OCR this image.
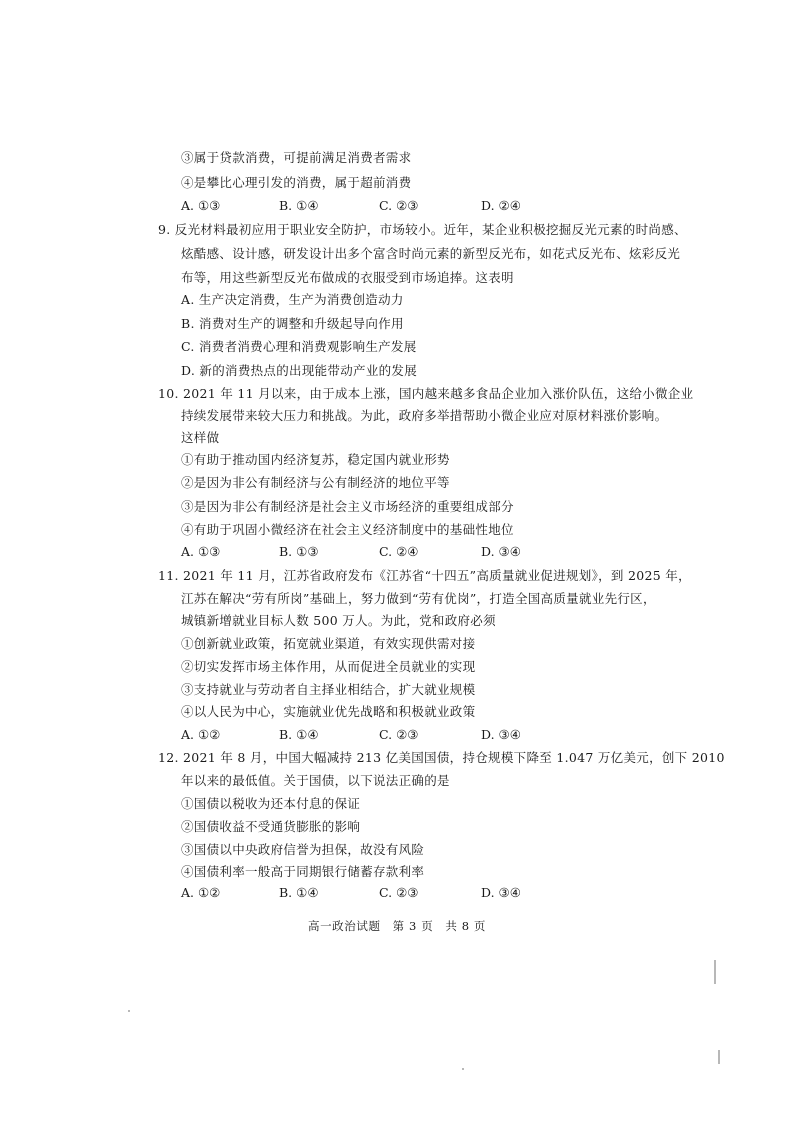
③属于贷款消费，可提前满足消费者需求
④是攀比心理引发的消费，属于超前消费
A. ①③	B. ①④	C. ②③	D. ②④
9. 反光材料最初应用于职业安全防护，市场较小。近年，某企业积极挖掘反光元素的时尚感、
炫酷感、设计感，研发设计出多个富含时尚元素的新型反光布，如花式反光布、炫彩反光
布等，用这些新型反光布做成的衣服受到市场追捧。这表明
A. 生产决定消费，生产为消费创造动力
B. 消费对生产的调整和升级起导向作用
C. 消费者消费心理和消费观影响生产发展
D. 新的消费热点的出现能带动产业的发展
10. 2021 年 11 月以来，由于成本上涨，国内越来越多食品企业加入涨价队伍，这给小微企业
持续发展带来较大压力和挑战。为此，政府多举措帮助小微企业应对原材料涨价影响。
这样做
①有助于推动国内经济复苏，稳定国内就业形势
②是因为非公有制经济与公有制经济的地位平等
③是因为非公有制经济是社会主义市场经济的重要组成部分
④有助于巩固小微经济在社会主义经济制度中的基础性地位
A. ①③	B. ①③	C. ②④	D. ③④
11. 2021 年 11 月，江苏省政府发布《江苏省“十四五”高质量就业促进规划》，到 2025 年，
江苏在解决“劳有所岗”基础上，努力做到“劳有优岗”，打造全国高质量就业先行区，
城镇新增就业目标人数 500 万人。为此，党和政府必须
①创新就业政策，拓宽就业渠道，有效实现供需对接
②切实发挥市场主体作用，从而促进全员就业的实现
③支持就业与劳动者自主择业相结合，扩大就业规模
④以人民为中心，实施就业优先战略和积极就业政策
A. ①②	B. ①④	C. ②③	D. ③④
12. 2021 年 8 月，中国大幅减持 213 亿美国国债，持仓规模下降至 1.047 万亿美元，创下 2010
年以来的最低值。关于国债，以下说法正确的是
①国债以税收为还本付息的保证
②国债收益不受通货膨胀的影响
③国债以中央政府信誉为担保，故没有风险
④国债利率一般高于同期银行储蓄存款利率
A. ①②	B. ①④	C. ②③	D. ③④
高一政治试题　第 3 页　共 8 页
